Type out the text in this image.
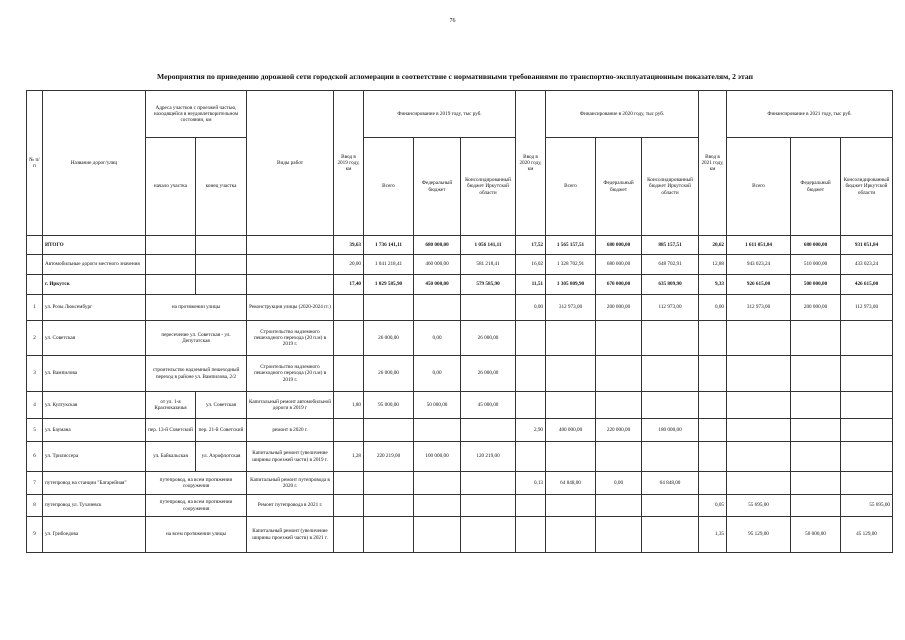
76
Мероприятия по приведению дорожной сети городской агломерации в соответствие с нормативными требованиями по транспортно-эксплуатационным показателям, 2 этап
№ п/п	Название дорог/улиц	Адреса участков с проезжей частью, находящейся в неудовлетворительном состоянии, км		Виды работ	Ввод в 2019 году, км	Финансирование в 2019 году, тыс руб.			Ввод в 2020 году, км	Финансирование в 2020 году, тыс руб.			Ввод в 2021 году, км	Финансирование в 2021 году, тыс руб.		
		начало участка	конец участка			Всего	Федеральный бюджет	Консолидированный бюджет Иркутской области		Всего	Федеральный бюджет	Консолидированный бюджет Иркутской области		Всего	Федеральный бюджет	Консолидированный бюджет Иркутской области
	ИТОГО				39,63	1 736 141,11	680 000,00	1 056 141,11	17,52	1 565 157,51	680 000,00	885 157,51	20,62	1 611 051,84	680 000,00	931 051,84
	Автомобильные дороги местного значения				20,00	1 041 218,41	460 000,00	581 218,41	16,02	1 328 702,91	680 000,00	648 702,91	12,88	943 023,24	510 000,00	433 023,24
	г. Иркутск				17,40	1 029 585,90	450 000,00	579 585,90	11,51	1 305 809,90	670 000,00	635 809,90	9,33	926 615,00	500 000,00	426 615,00
1	ул. Розы Люксембург	на протяжении улицы		Реконструкция улицы (2020-2024 гг.)					0,00	312 973,00	200 000,00	112 973,00	0,00	312 973,00	200 000,00	112 973,00
2	ул. Советская	пересечение ул. Советская - ул. Депутатская		Строительство надземного пешеходного перехода (20 п.м) в 2019 г.		26 000,00	0,00	26 000,00								
3	ул. Вампилова	строительство надземный пешеходный переход в районе ул. Вампилова, 2/2		Строительство надземного пешеходного перехода (20 п.м) в 2019 г.		26 000,00	0,00	26 000,00								
4	ул. Култукская	от ул. 1-я Красноказачья	ул. Советская	Капитальный ремонт автомобильной дороги в 2019 г	1,80	95 000,00	50 000,00	45 000,00								
5	ул. Баумана	пер. 13-й Советский	пер. 21-й Советский	ремонт в 2020 г.					2,90	400 000,00	220 000,00	180 000,00				
6	ул. Трилиссера	ул. Байкальская	ул. Аэрофлотская	Капитальный ремонт (увеличение ширины проезжей части) в 2019 г.	1,28	220 219,00	100 000,00	120 219,00								
7	путепровод на станции "Батарейная"	путепровод, на всем протяжении сооружения		Капитальный ремонт путепровода в 2020 г.					0,13	64 848,00	0,00	64 848,00				
8	путепровод ул. Тухачевск	путепровод, на всем протяжении сооружения		Ремонт путепровода в 2021 г.									0,05	55 695,00		55 695,00
9	ул. Грибоедова	на всем протяжении улицы		Капитальный ремонт (увеличение ширины проезжей части) в 2021 г.									1,35	95 129,00	50 000,00	45 129,00
